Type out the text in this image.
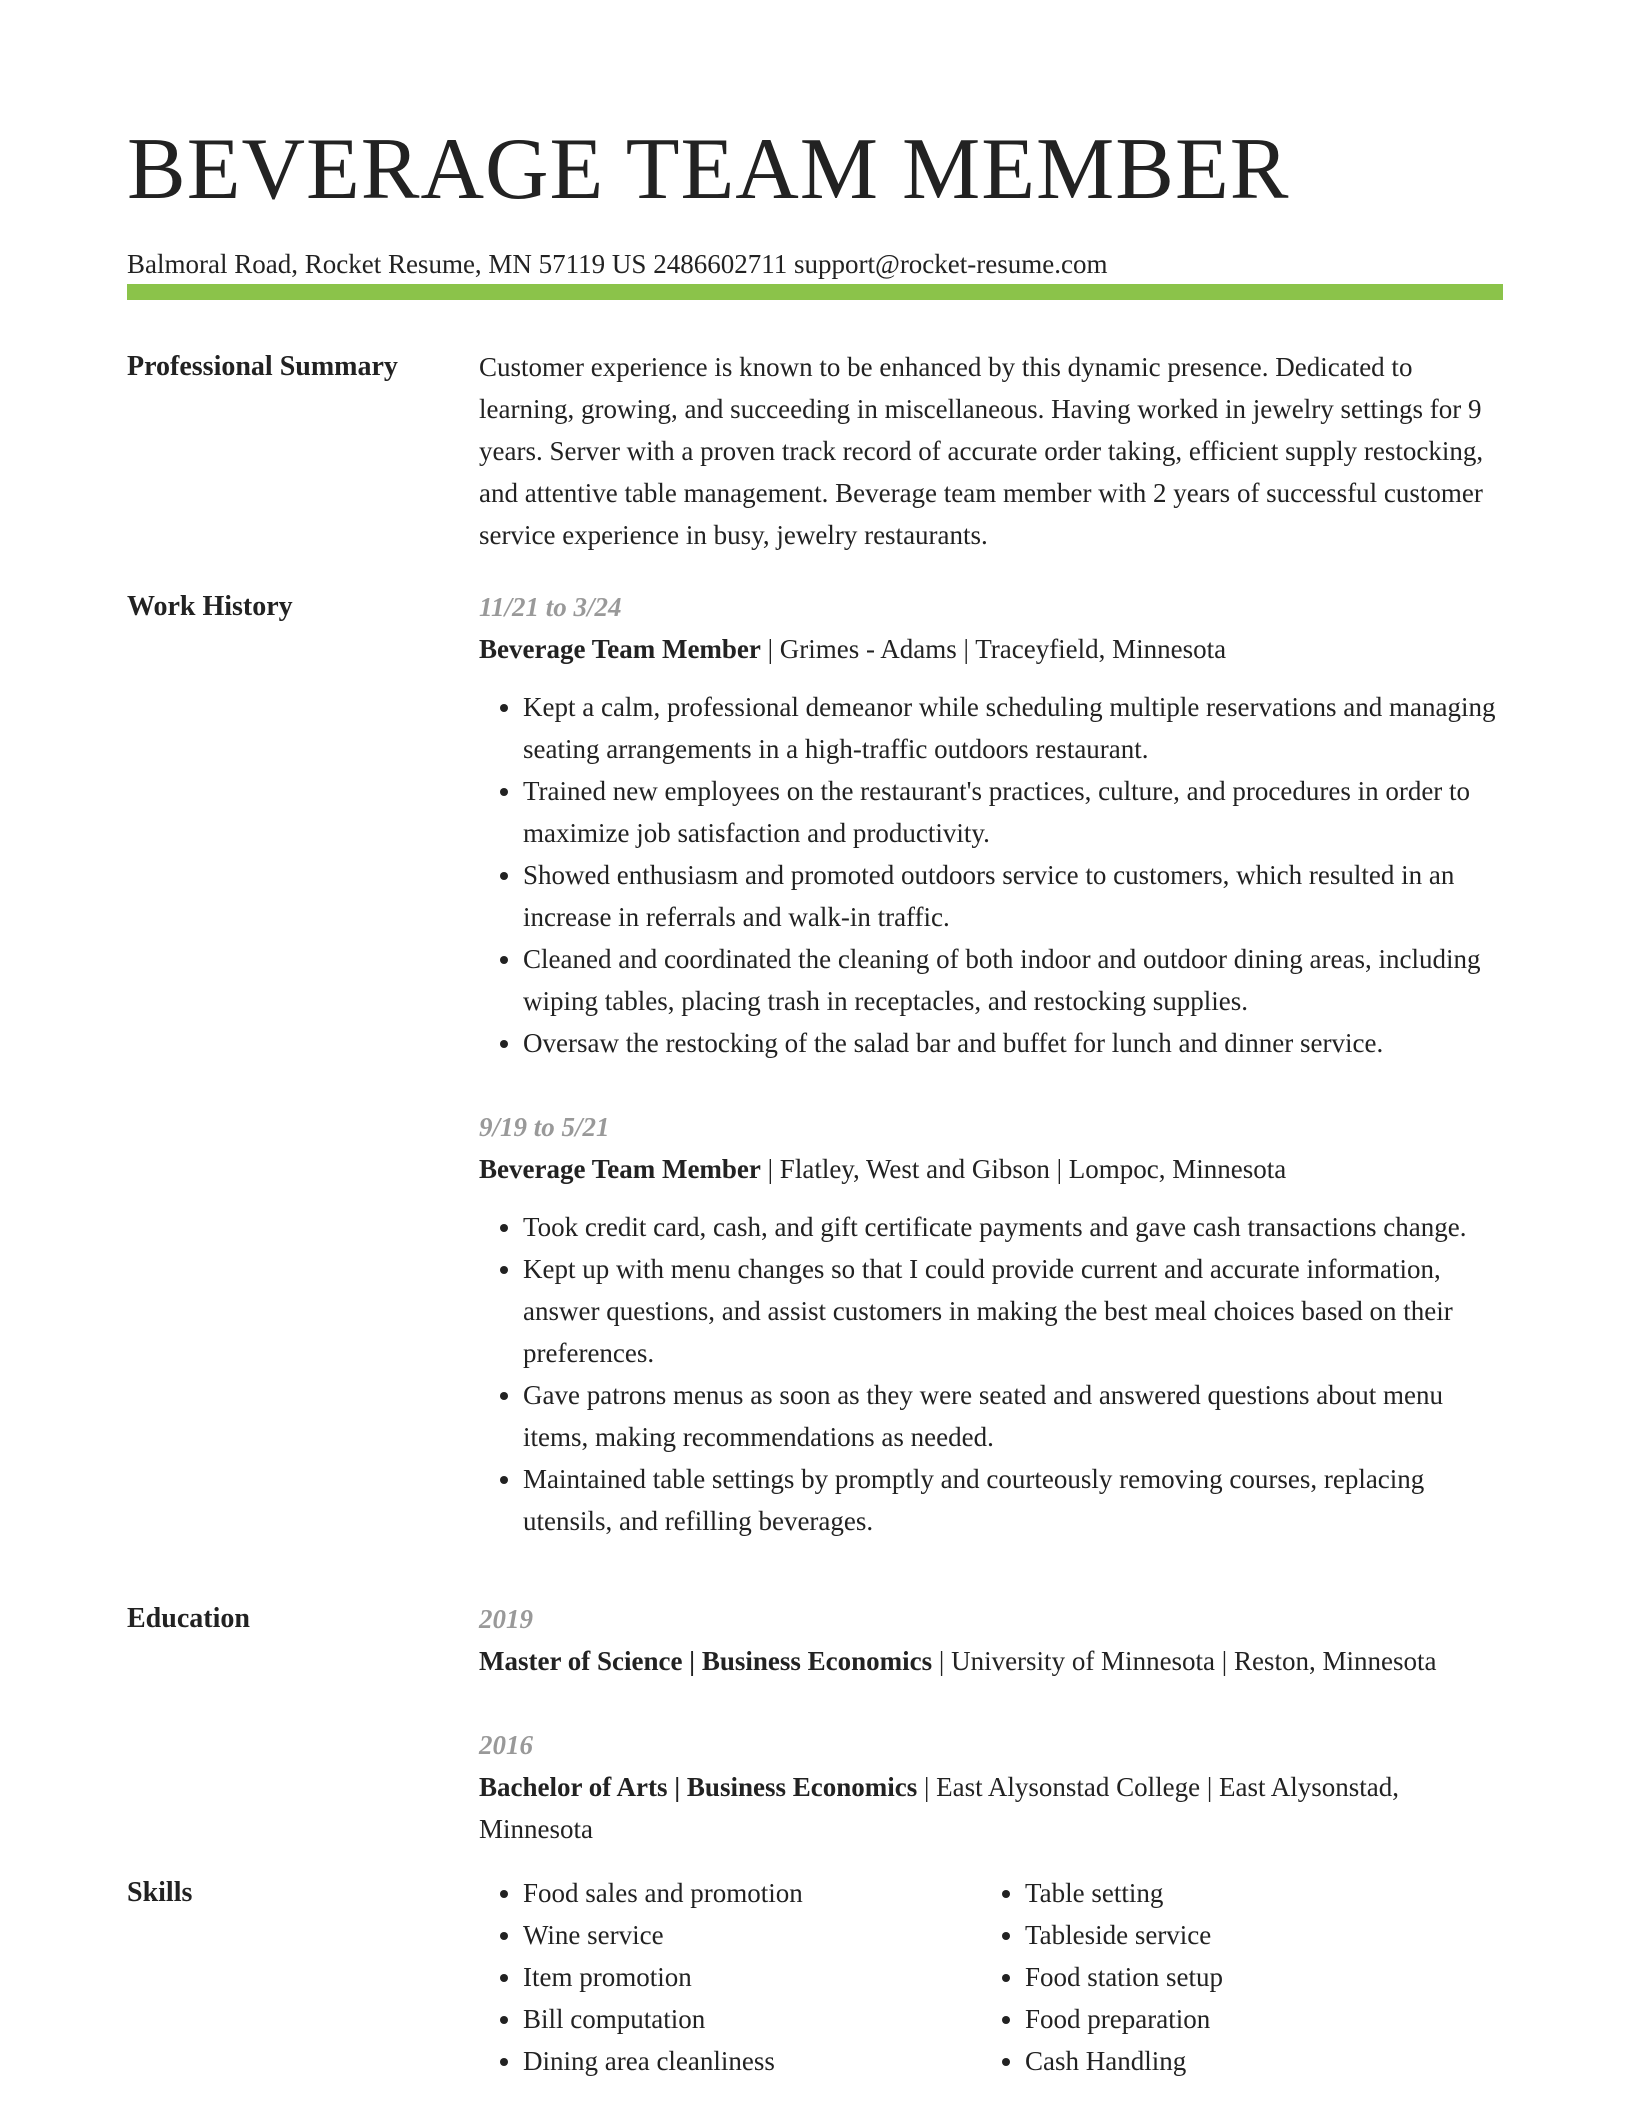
BEVERAGE TEAM MEMBER
Balmoral Road, Rocket Resume, MN 57119 US 2486602711 support@rocket-resume.com
Professional Summary	Customer experience is known to be enhanced by this dynamic presence. Dedicated to learning, growing, and succeeding in miscellaneous. Having worked in jewelry settings for 9 years. Server with a proven track record of accurate order taking, efficient supply restocking, and attentive table management. Beverage team member with 2 years of successful customer service experience in busy, jewelry restaurants.

Work History	11/21 to 3/24

Beverage Team Member | Grimes - Adams | Traceyfield, Minnesota

• Kept a calm, professional demeanor while scheduling multiple reservations and managing seating arrangements in a high-traffic outdoors restaurant.
• Trained new employees on the restaurant's practices, culture, and procedures in order to maximize job satisfaction and productivity.
• Showed enthusiasm and promoted outdoors service to customers, which resulted in an increase in referrals and walk-in traffic.
• Cleaned and coordinated the cleaning of both indoor and outdoor dining areas, including wiping tables, placing trash in receptacles, and restocking supplies.
• Oversaw the restocking of the salad bar and buffet for lunch and dinner service.
9/19 to 5/21

Beverage Team Member | Flatley, West and Gibson | Lompoc, Minnesota

• Took credit card, cash, and gift certificate payments and gave cash transactions change.
• Kept up with menu changes so that I could provide current and accurate information, answer questions, and assist customers in making the best meal choices based on their preferences.
• Gave patrons menus as soon as they were seated and answered questions about menu items, making recommendations as needed.
• Maintained table settings by promptly and courteously removing courses, replacing utensils, and refilling beverages.
Education	2019

Master of Science | Business Economics | University of Minnesota | Reston, Minnesota

2016

Bachelor of Arts | Business Economics | East Alysonstad College | East Alysonstad, Minnesota

Skills
•	Food sales and promotion
• Wine service
• Item promotion
• Bill computation
• Dining area cleanliness
• Table setting
• Tableside service
• Food station setup
• Food preparation
• Cash Handling
